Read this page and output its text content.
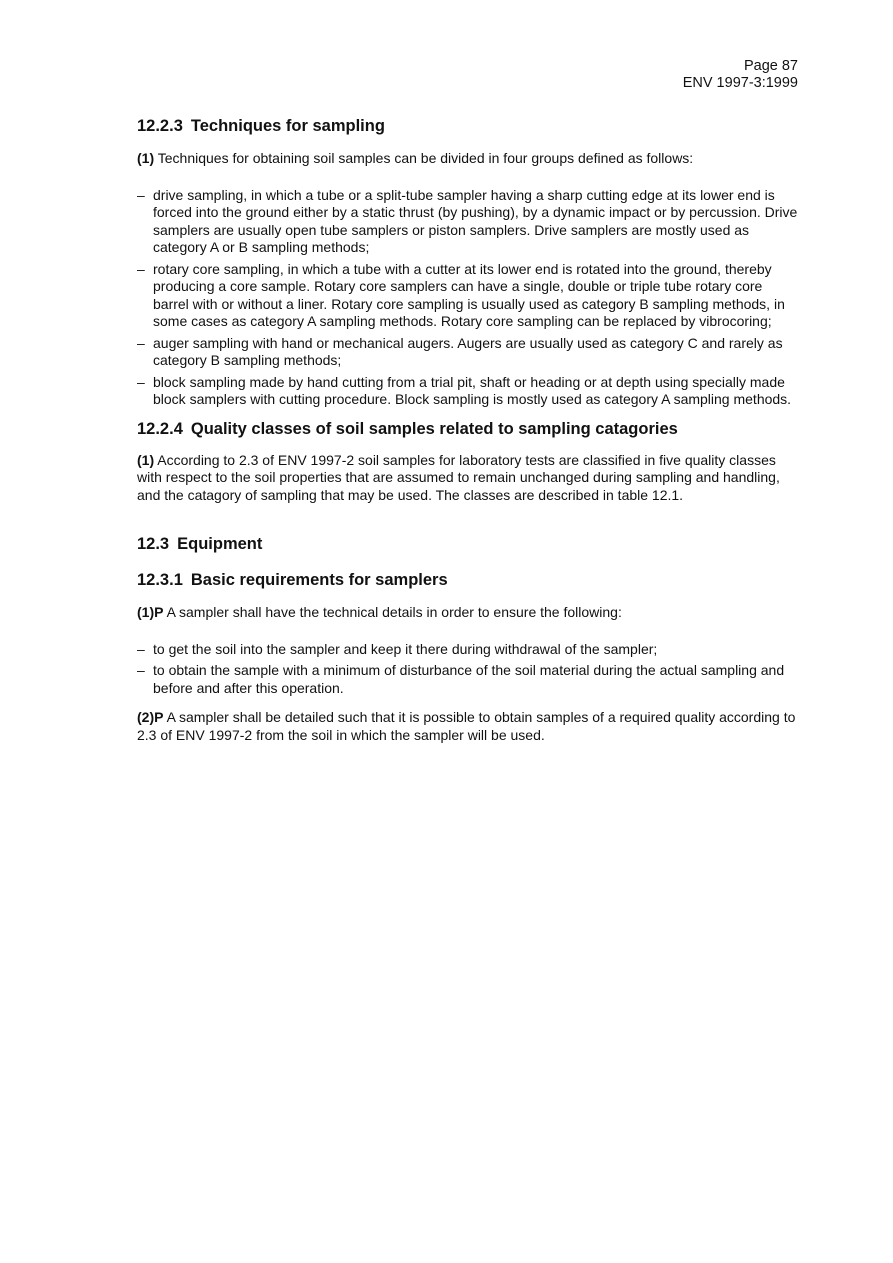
Page 87
ENV 1997-3:1999
12.2.3 Techniques for sampling

(1) Techniques for obtaining soil samples can be divided in four groups defined as follows:

– drive sampling, in which a tube or a split-tube sampler having a sharp cutting edge at its lower end is forced into the ground either by a static thrust (by pushing), by a dynamic impact or by percussion. Drive samplers are usually open tube samplers or piston samplers. Drive samplers are mostly used as category A or B sampling methods;
– rotary core sampling, in which a tube with a cutter at its lower end is rotated into the ground, thereby producing a core sample. Rotary core samplers can have a single, double or triple tube rotary core barrel with or without a liner. Rotary core sampling is usually used as category B sampling methods, in some cases as category A sampling methods. Rotary core sampling can be replaced by vibrocoring;
– auger sampling with hand or mechanical augers. Augers are usually used as category C and rarely as category B sampling methods;
– block sampling made by hand cutting from a trial pit, shaft or heading or at depth using specially made block samplers with cutting procedure. Block sampling is mostly used as category A sampling methods.
12.2.4 Quality classes of soil samples related to sampling catagories

(1) According to 2.3 of ENV 1997-2 soil samples for laboratory tests are classified in five quality classes with respect to the soil properties that are assumed to remain unchanged during sampling and handling, and the catagory of sampling that may be used. The classes are described in table 12.1.

12.3 Equipment
12.3.1 Basic requirements for samplers

(1)P A sampler shall have the technical details in order to ensure the following:

– to get the soil into the sampler and keep it there during withdrawal of the sampler;
– to obtain the sample with a minimum of disturbance of the soil material during the actual sampling and before and after this operation.

(2)P A sampler shall be detailed such that it is possible to obtain samples of a required quality according to 2.3 of ENV 1997-2 from the soil in which the sampler will be used.
